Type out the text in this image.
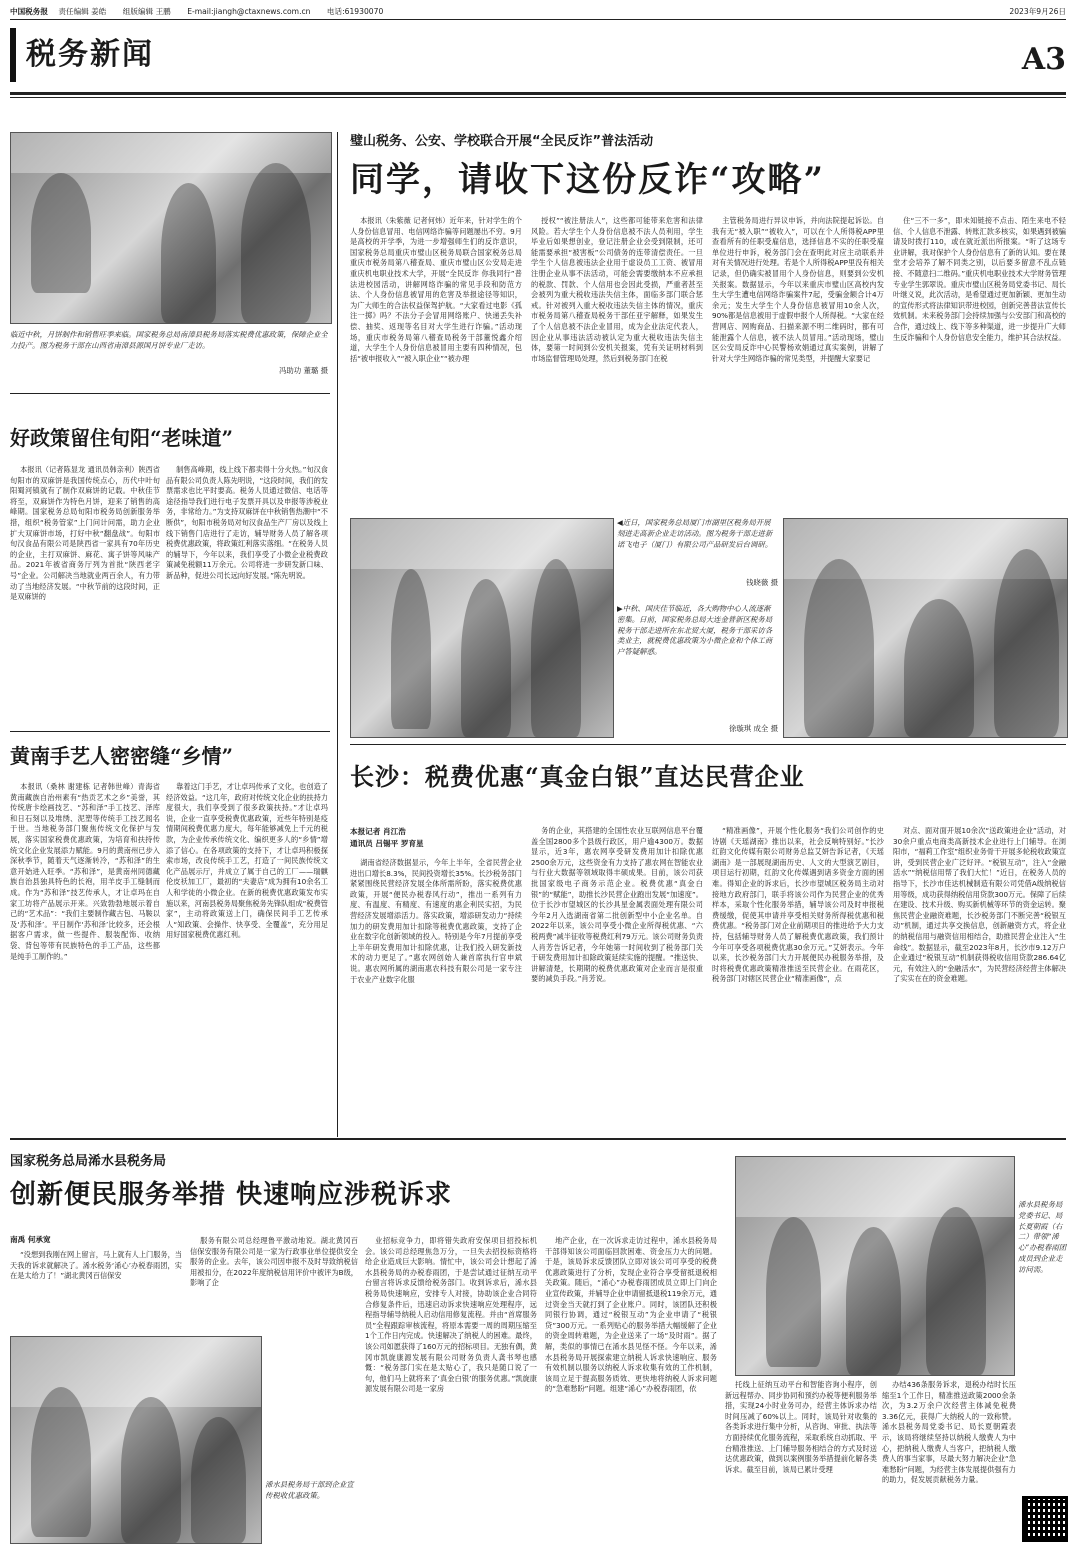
中国税务报 责任编辑 姜皓 组版编辑 王鹏 E-mail:jiangh@ctaxnews.com.cn 电话:61930070	2023年9月26日
税务新闻	A3
临近中秋，月饼制作和销售旺季来临。国家税务总局南漳县税务局落实税费优惠政策，保障企业全力投产。图为税务干部在山西省南漳县源国月饼专业厂走访。
冯助功 董璐 摄
好政策留住旬阳“老味道”
本报讯（记者陈显龙 通讯员韩亲利）陕西省旬阳市的双麻饼是我国传统点心，历代中叶旬阳蜀河镇就有了制作双麻饼的记载。中秋佳节将至，双麻饼作为特色月饼，迎来了销售的高峰期。国家税务总局旬阳市税务局创新服务举措，组织“税务管家”上门问计问需，助力企业扩大双麻饼市场，打好中秋“翻盘战”。旬阳市旬汉食品有限公司是陕西省一家具有70年历史的企业，主打双麻饼、麻花、寓子饼等风味产品。2021年被省商务厅列为首批“陕西老字号”企业。公司解决当地就业两百余人，有力带动了当地经济发展。“中秋节前的这段时间，正是双麻饼的
制售高峰期，线上线下都卖得十分火热。”旬汉食品有限公司负责人陈先明说，“这段时间，我们的发票需求也比平时要高。税务人员通过微信、电话等途径指导我们进行电子发票开具以及申报等涉税业务，非常给力。”为支持双麻饼在中秋销售热潮中“不断供”，旬阳市税务局对旬汉食品生产厂房以及线上线下销售门店进行了走访，辅导财务人员了解各项税费优惠政策，将政策红利落实落细。“在税务人员的辅导下，今年以来，我们享受了小微企业税费政策减免税额11万余元。公司将进一步研发新口味、新品种，促进公司长远向好发展。”陈先明说。
黄南手艺人密密缝“乡情”
本报讯（桑林 谢建栋 记者韩世峰）青海省黄南藏族自治州素有“热贡艺术之乡”美誉，其传统唐卡绘画技艺、“苏和泽”手工技艺、泽库和日石刻以及堆绣、泥塑等传统手工技艺闻名于世。当地税务部门聚焦传统文化保护与发展，落实国家税费优惠政策，为培育和扶持传统文化企业发展添力赋能。9月的黄南州已步入深秋季节，随着天气逐渐转冷，“苏和泽”的生意开始进入旺季。“苏和泽”，是黄南州同德藏族自治县独具特色的长袍，用羊皮手工缝制而成。作为“苏和泽”技艺传承人，才让卓玛在自家工坊将产品展示开来。兴致勃勃地展示着自己的“艺术品”：“我们主要制作藏古包、马鞍以及‘苏和泽’。平日制作‘苏和泽’比较多，还会根据客户需求，做一些提件、服装配饰、收纳袋、背包等带有民族特色的手工产品，这些都是纯手工制作的。”
靠着这门手艺，才让卓玛传承了文化，也创造了经济效益。“这几年，政府对传统文化企业的扶持力度很大，我们享受到了很多政策扶持。”才让卓玛说，企业一直享受税费优惠政策，近些年特别是疫情期间税费优惠力度大，每年能够减免上千元的税款，为企业传承传统文化、编织更多人的“乡情”增添了信心。在各项政策的支持下，才让卓玛积极探索市场，改良传统手工艺，打造了一间民族传统文化产品展示厅，并成立了属于自己的工厂——瑞麒伦皮袄加工厂，最初的“夫妻店”成为拥有10余名工人和学徒的小微企业。在新的税费优惠政策发布实施以来，河南县税务局聚焦税务先锋队组成“税费管家”，主动将政策送上门，确保民间手工艺传承人“知政策、会操作、快享受、全覆盖”，充分用足用好国家税费优惠红利。
璧山税务、公安、学校联合开展“全民反诈”普法活动
同学，请收下这份反诈“攻略”
本报讯（朱紫薇 记者何炜）近年来，针对学生的个人身份信息冒用、电信网络诈骗等问题屡出不穷。9月是高校的开学季，为进一步增强师生们的反诈意识，国家税务总局重庆市璧山区税务局联合国家税务总局重庆市税务局第八稽查局、重庆市璧山区公安局走进重庆机电职业技术大学，开展“全民反诈 你我同行”普法进校园活动，讲解网络诈骗的常见手段和防范方法、个人身份信息被冒用的危害及举报途径等知识，为广大师生的合法权益保驾护航。“大家看过电影《孤注一掷》吗？不法分子会冒用网络账户、快递丢失补偿、抽奖、返现等名目对大学生进行诈骗。”活动现场，重庆市税务局第八稽查局税务干部董悦鑫介绍道，大学生个人身份信息被冒用主要有四种情况，包括“被申报收入”“被入职企业”“被办理
授权”“被注册法人”，这些都可能带来危害和法律风险。若大学生个人身份信息被不法人员利用，学生毕业后如果想创业，登记注册企业会受到限制，还可能需要承担“被害板”公司债务的连带清偿责任。一旦学生个人信息被违法企业用于虚设员工工资、被冒用注册企业从事不法活动，可能会需要缴纳本不应承担的税款、罚款、个人信用也会因此受损，严重者甚至会被列为重大税收违法失信主体，面临多部门联合惩戒。针对被列入重大税收违法失信主体的情况，重庆市税务局第八稽查局税务干部任亚宇解释，如果发生了个人信息被不法企业冒用，成为企业法定代表人，因企业从事违法活动被认定为重大税收违法失信主体，要第一时间到公安机关报案，凭有关证明材料到市场监督管理局处理，然后到税务部门在税
主管税务局进行异议申诉，并向法院提起诉讼。自我有无“被入职”“被收入”，可以在个人所得税APP里查看所有的任职受雇信息，选择信息不实的任职受雇单位进行申诉，税务部门会在查明此对应主动联系并对有关情况进行处理。若是个人所得税APP里没有相关记录，但仍确实被冒用个人身份信息，则要到公安机关报案。数据显示，今年以来重庆市璧山区高校内发生大学生遭电信网络诈骗案件7起，受骗金额合计4万余元；发生大学生个人身份信息被冒用10余人次，90%都是信息被用于虚假申报个人所得税。“大家在经营网店、网购商品、扫描来源不明二维码时，都有可能泄露个人信息，被不法人员冒用。”活动现场，璧山区公安局反诈中心民警杨欢娟通过真实案例，讲解了针对大学生网络诈骗的常见类型，并提醒大家要记
住“三不一多”，即未知链接不点击、陌生来电不轻信、个人信息不泄露、转账汇款多核实，如果遇到被骗请及时拨打110，或在就近派出所报案。“听了这场专业讲解，我对保护个人身份信息有了新的认知。要在课堂才会培养了解不同类之别，以后要多留意不乱点链接、不随意扫二维码。”重庆机电职业技术大学财务管理专业学生郭翠说。重庆市璧山区税务局党委书记、局长叶继义说，此次活动，是希望通过更加新颖、更加生动的宣传形式将法律知识带进校园，创新完善普法宣传长效机制。未来税务部门会持续加强与公安部门和高校的合作，通过线上、线下等多种渠道，进一步提升广大师生反诈骗和个人身份信息安全能力，维护其合法权益。
◀近日，国家税务总局厦门市湖里区税务局开展刻进走高新企业走访活动。图为税务干部走进新诺飞电子（厦门）有限公司产品研发后台调研。
钱晓薇 摄
▶中秋、国庆佳节临近，各大购物中心人流逐渐密集。日前，国家税务总局大连金普新区税务局税务干部走进所在东北贸大厦，税务干部采访各类业主，就税费优惠政策为小微企业和个体工商户答疑解惑。
徐璇琪 成全 摄
长沙：税费优惠“真金白银”直达民营企业
本报记者 肖江浩
通讯员 吕锡平 罗育星
湖南省经济数据显示，今年上半年，全省民营企业进出口增长8.3%，民间投资增长35%。长沙税务部门紧紧围绕民营经济发展全体所需所盼，落实税费优惠政策，开展“便民办税春风行动”，推出一系列有力度、有温度、有精度、有速度的惠企利民实招，为民营经济发展增添活力。落实政策，增添研发动力“持续加力的研发费用加计扣除等税费优惠政策，支持了企业在数字化创新领域的投入。特别是今年7月提前享受上半年研发费用加计扣除优惠，让我们投入研发新技术的动力更足了。”惠农网创始人兼首席执行官申斌说。惠农网所属的湖南惠农科技有限公司是一家专注于农业产业数字化服
务的企业，其搭建的全国性农业互联网信息平台覆盖全国2800多个县级行政区，用户逾4300万。数据显示，近3年，惠农网享受研发费用加计扣除优惠2500余万元，这些资金有力支持了惠农网在智能农业与行业大数据等领域取得丰硕成果。目前，该公司获批国家级电子商务示范企业。税费优惠“真金白银”的“赋能”，助推长沙民营企业跑出发展“加速度”。位于长沙市望城区的长沙具星金属表面处理有限公司今年2月入选湖南省第二批创新型中小企业名单。自2022年以来，该公司享受小微企业所得税优惠、“六税两费”减半征收等税费红利79万元。该公司财务负责人肖芳告诉记者，今年她第一时间收到了税务部门关于研发费用加计扣除政策延续实施的提醒。“推送快、讲解清楚，长期期的税费优惠政策对企业而言是很重要的减负手段。”肖芳说。
“精准画像”，开展个性化服务“我们公司创作的史诗剧《天瑶湖南》推出以来，社会反响特别好。”长沙红韵文化传媒有限公司财务总监艾妍告诉记者，《天瑶湖南》是一部展现湖南历史、人文的大型演艺剧目，项目运行初期，红韵文化传媒遇到诸多资金方面的困难。得知企业的诉求后，长沙市望城区税务局主动对接地方政府部门，联手将该公司作为民营企业的优秀样本，采取个性化服务举措，辅导该公司及时申报税费缓缴，促使其申请并享受相关财务所得税优惠和税费优惠。“税务部门对企业前期项目的推进给予大力支持，包括辅导财务人员了解税费优惠政策，我们预计今年可享受各项税费优惠30余万元。”艾妍表示。今年以来，长沙税务部门大力开展便民办税服务举措，及时将税费优惠政策精准推送至民营企业。在雨花区，税务部门对辖区民营企业“精准画像”，点
对点、面对面开展10余次“送政策进企业”活动，对30余户重点电商类高新技术企业进行上门辅导。在浏阳市，“福莉工作室”组织业务骨干开展多轮税收政策宣讲，受到民营企业广泛好评。“税银互动”，注入“金融活水”“纳税信用帮了我们大忙！”近日，在税务人员的指导下，长沙市佳达机械制造有限公司凭借A级纳税信用等级，成功获得纳税信用贷款300万元。保障了后续在建设、技术升级、购买新机械等环节的资金运转。聚焦民营企业融资难题，长沙税务部门不断完善“税银互动”机制，通过共享交换信息，创新融资方式，将企业的纳税信用与融资信用相结合，助推民营企业注入“生命线”。数据显示，截至2023年8月，长沙市9.12万户企业通过“税银互动”机制获得税收信用贷款286.64亿元，有效注入的“金融活水”，为民营经济经营主体解决了实实在在的资金难题。
国家税务总局浠水县税务局
创新便民服务举措 快速响应涉税诉求
南禹 何承宽
“没想到我刚在网上留言，马上就有人上门服务，当天我的诉求就解决了。浠水税务‘浠心’办税春雨团，实在是太给力了！”湖北黄冈百信保安
服务有限公司总经理鲁平激动地说。湖北黄冈百信保安服务有限公司是一家为行政事业单位提供安全服务的企业。去年，该公司因申报不及时导致纳税信用被扣分，在2022年度纳税信用评价中被评为B级，影响了企
业招标竞争力，即将错失政府安保项目招投标机会。该公司总经理焦急万分，一旦失去招投标资格将给企业造成巨大影响。情忙中，该公司会计想起了浠水县税务局的办税春雨团，于是尝试通过征纳互动平台留言将诉求反馈给税务部门。收到诉求后，浠水县税务局快速响应，安排专人对接，协助该企业合同符合修复条件后，迅速启动诉求快速响应处理程序，远程指导辅导纳税人启动信用修复流程。并由“首席服务员”全程跟踪审核流程，将原本需要一周的周期压缩至1个工作日内完成。快速解决了纳税人的困难。最终，该公司如愿获得了160万元的招标项目。无独有偶，黄冈市凯旋康源发展有限公司财务负责人龚书琴也感慨：“税务部门实在是太贴心了，我只是随口说了一句，他们马上就将来了‘真金白银’的服务优惠。”凯旋康源发展有限公司是一家房
地产企业，在一次诉求走访过程中，浠水县税务局干部得知该公司面临回款困难、资金压力大的问题。于是，该局诉求反馈团队立即对该公司可享受的税费优惠政策进行了分析，发现企业符合享受留抵退税相关政策。随后，“浠心”办税春雨团成员立即上门向企业宣传政策，并辅导企业申请留抵退税119余万元，通过资金当天就打到了企业账户。同时，该团队还积极同银行协调，通过“税银互动”为企业申请了“税银贷”300万元。一系列贴心的服务举措大幅缓解了企业的资金周转难题，为企业送来了一场“及时雨”。据了解，类似的事情已在浠水县见怪不怪。今年以来，浠水县税务局开展探索建立纳税人诉求快速响应、服务有效机制以服务以纳税人诉求收集有效的工作机制，该局立足于提高服务质效、更快地将纳税人诉求问题的“急难愁盼”问题。组建“浠心”办税春雨团，依	托线上征纳互动平台和智能咨询小程序，创新远程帮办、同步协同和预约办税等便利服务举措，实现24小时业务可办，经营主体诉求办结时间压减了60%以上。同时，该局针对收集的各类诉求进行集中分析，从咨询、审批、执法等方面持续优化服务流程，采取系统自动抓取、平台精准推送、上门辅导服务相结合的方式及时送达优惠政策，做到以案例服务举措提前化解各类诉求。截至目前，该局已累计受理
办结436条服务诉求，退税办结时长压缩至1个工作日，精准推送政策2000余条次，为3.2万余户次经营主体减免税费3.36亿元，获得广大纳税人的一致称赞。浠水县税务局党委书记、局长夏朝霞表示，该局将继续坚持以纳税人缴费人为中心，把纳税人缴费人当客户，把纳税人缴费人的事当家事，尽最大努力解决企业“急难愁盼”问题，为经营主体发展提供强有力的助力，促发展贡献税务力量。
浠水县税务局党委书记、局长夏朝霞（右二）带领“浠心”办税春雨团成员到企业走访问需。
浠水县税务局干部到企业宣传税收优惠政策。
